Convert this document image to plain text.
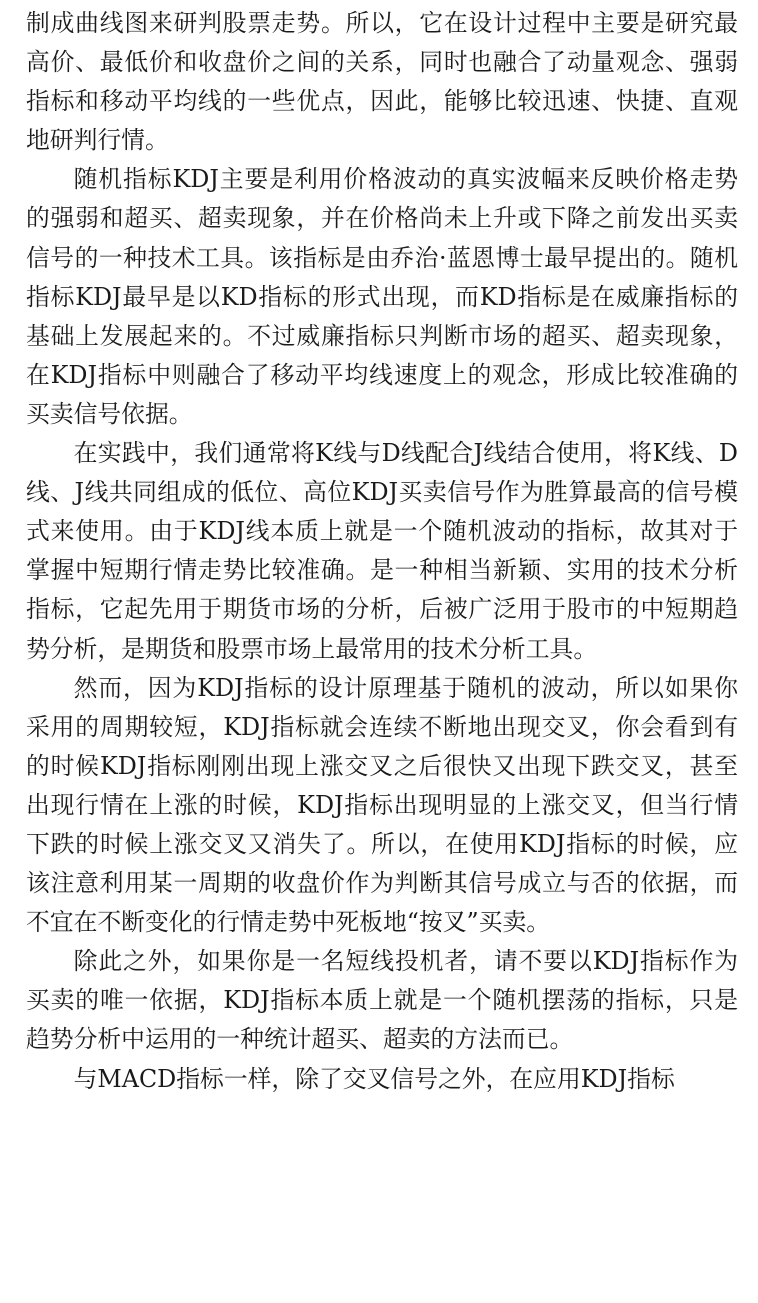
制成曲线图来研判股票走势。所以，它在设计过程中主要是研究最高价、最低价和收盘价之间的关系，同时也融合了动量观念、强弱指标和移动平均线的一些优点，因此，能够比较迅速、快捷、直观地研判行情。

随机指标KDJ主要是利用价格波动的真实波幅来反映价格走势的强弱和超买、超卖现象，并在价格尚未上升或下降之前发出买卖信号的一种技术工具。该指标是由乔治·蓝恩博士最早提出的。随机指标KDJ最早是以KD指标的形式出现，而KD指标是在威廉指标的基础上发展起来的。不过威廉指标只判断市场的超买、超卖现象，在KDJ指标中则融合了移动平均线速度上的观念，形成比较准确的买卖信号依据。

在实践中，我们通常将K线与D线配合J线结合使用，将K线、D线、J线共同组成的低位、高位KDJ买卖信号作为胜算最高的信号模式来使用。由于KDJ线本质上就是一个随机波动的指标，故其对于掌握中短期行情走势比较准确。是一种相当新颖、实用的技术分析指标，它起先用于期货市场的分析，后被广泛用于股市的中短期趋势分析，是期货和股票市场上最常用的技术分析工具。

然而，因为KDJ指标的设计原理基于随机的波动，所以如果你采用的周期较短，KDJ指标就会连续不断地出现交叉，你会看到有的时候KDJ指标刚刚出现上涨交叉之后很快又出现下跌交叉，甚至出现行情在上涨的时候，KDJ指标出现明显的上涨交叉，但当行情下跌的时候上涨交叉又消失了。所以，在使用KDJ指标的时候，应该注意利用某一周期的收盘价作为判断其信号成立与否的依据，而不宜在不断变化的行情走势中死板地“按叉”买卖。

除此之外，如果你是一名短线投机者，请不要以KDJ指标作为买卖的唯一依据，KDJ指标本质上就是一个随机摆荡的指标，只是趋势分析中运用的一种统计超买、超卖的方法而已。

与MACD指标一样，除了交叉信号之外，在应用KDJ指标
